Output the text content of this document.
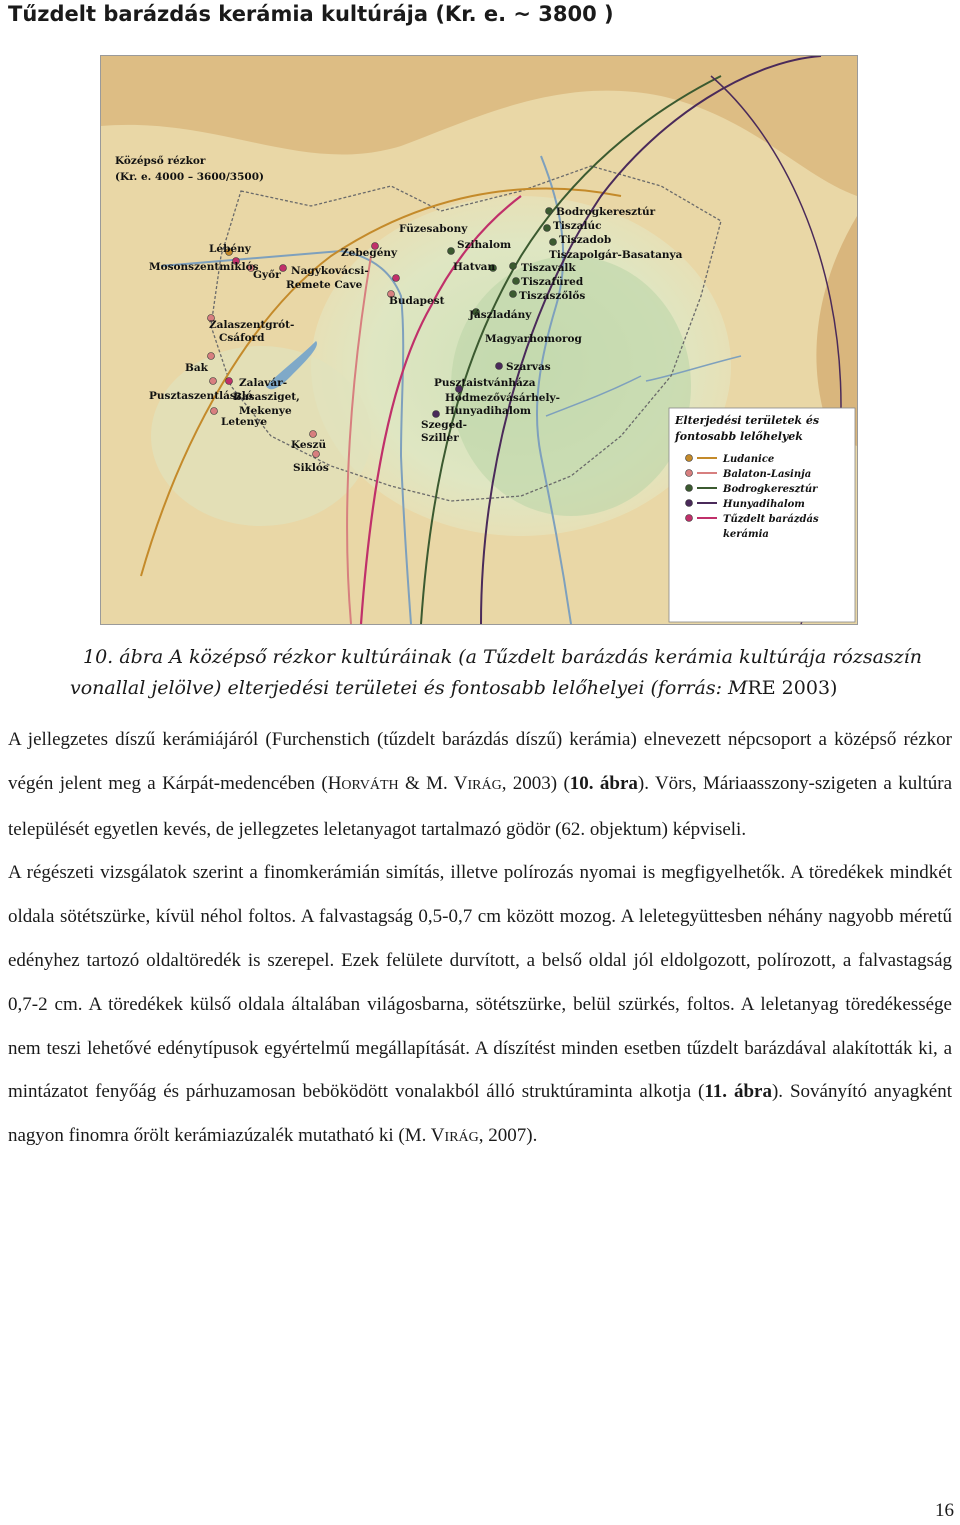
Tűzdelt barázdás kerámia kultúrája (Kr. e. ~ 3800 )
Középső rézkor
(Kr. e. 4000 – 3600/3500)
Lébény
Mosonszentmiklós
Győr Nagykovácsi-
Remete Cave
Zebegény
Füzesabony
Szihalom
Hatvan
Budapest
Bodrogkeresztúr
Tiszalúc
Tiszadob
Tiszapolgár-Basatanya
Tiszavalk
Tiszafüred
Tiszaszőlős
Jászladány
Magyarhomorog
Zalaszentgrót-
Csáford
Bak
Pusztaszentlászló
Zalavár-
Basasziget,
Mekenye
Letenye
Szarvas
Pusztaistvánháza
Hódmezővásárhely-
Hunyadihalom
Szeged-
Sziller
Keszü
Siklós
Elterjedési területek és
fontosabb lelőhelyek
Ludanice
Balaton-Lasinja
Bodrogkeresztúr
Hunyadihalom
Tűzdelt barázdás
kerámia
10. ábra A középső rézkor kultúráinak (a Tűzdelt barázdás kerámia kultúrája rózsaszín
vonallal jelölve) elterjedési területei és fontosabb lelőhelyei (forrás: MRE 2003)

A jellegzetes díszű kerámiájáról (Furchenstich (tűzdelt barázdás díszű) kerámia) elnevezett népcsoport a középső rézkor végén jelent meg a Kárpát-medencében (HORVÁTH & M. VIRÁG, 2003) (10. ábra). Vörs, Máriaasszony-szigeten a kultúra települését egyetlen kevés, de jellegzetes leletanyagot tartalmazó gödör (62. objektum) képviseli.

A régészeti vizsgálatok szerint a finomkerámián simítás, illetve polírozás nyomai is megfigyelhetők. A töredékek mindkét oldala sötétszürke, kívül néhol foltos. A falvastagság 0,5-0,7 cm között mozog. A leletegyüttesben néhány nagyobb méretű edényhez tartozó oldaltöredék is szerepel. Ezek felülete durvított, a belső oldal jól eldolgozott, polírozott, a falvastagság 0,7-2 cm. A töredékek külső oldala általában világosbarna, sötétszürke, belül szürkés, foltos. A leletanyag töredékessége nem teszi lehetővé edénytípusok egyértelmű megállapítását. A díszítést minden esetben tűzdelt barázdával alakították ki, a mintázatot fenyőág és párhuzamosan beböködött vonalakból álló struktúraminta alkotja (11. ábra). Soványító anyagként nagyon finomra őrölt kerámiazúzalék mutatható ki (M. VIRÁG, 2007).

16
